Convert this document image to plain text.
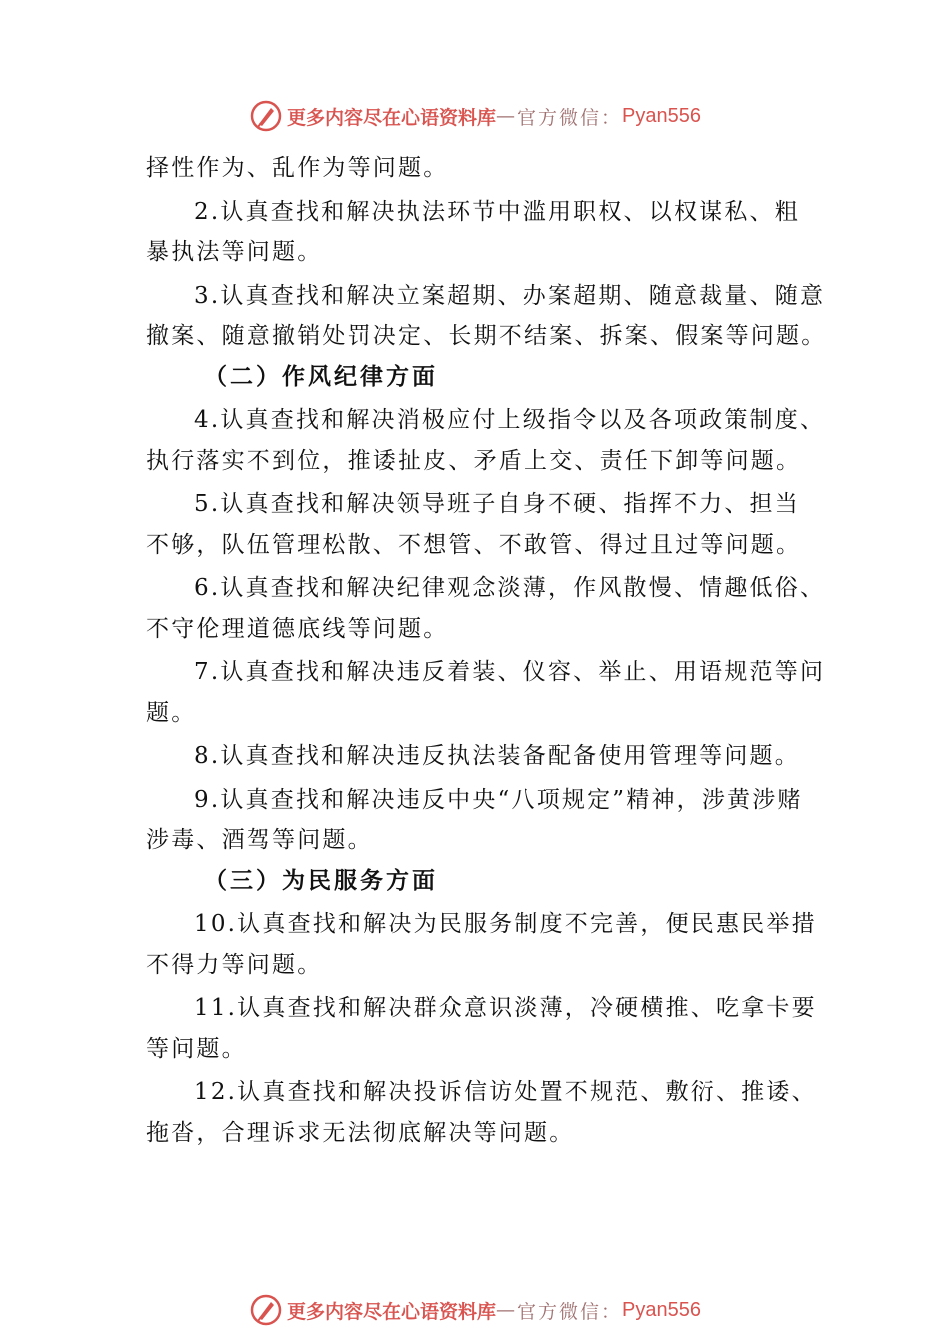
更多内容尽在心语资料库 — 官方微信： Pyan556

择性作为、乱作为等问题。

2.认真查找和解决执法环节中滥用职权、以权谋私、粗

暴执法等问题。

3.认真查找和解决立案超期、办案超期、随意裁量、随意

撤案、随意撤销处罚决定、长期不结案、拆案、假案等问题。

（二）作风纪律方面

4.认真查找和解决消极应付上级指令以及各项政策制度、

执行落实不到位，推诿扯皮、矛盾上交、责任下卸等问题。

5.认真查找和解决领导班子自身不硬、指挥不力、担当

不够，队伍管理松散、不想管、不敢管、得过且过等问题。

6.认真查找和解决纪律观念淡薄，作风散慢、情趣低俗、

不守伦理道德底线等问题。

7.认真查找和解决违反着装、仪容、举止、用语规范等问

题。

8.认真查找和解决违反执法装备配备使用管理等问题。

9.认真查找和解决违反中央“八项规定”精神，涉黄涉赌

涉毒、酒驾等问题。

（三）为民服务方面

10.认真查找和解决为民服务制度不完善，便民惠民举措

不得力等问题。

11.认真查找和解决群众意识淡薄，冷硬横推、吃拿卡要

等问题。

12.认真查找和解决投诉信访处置不规范、敷衍、推诿、

拖沓，合理诉求无法彻底解决等问题。

更多内容尽在心语资料库 — 官方微信： Pyan556
